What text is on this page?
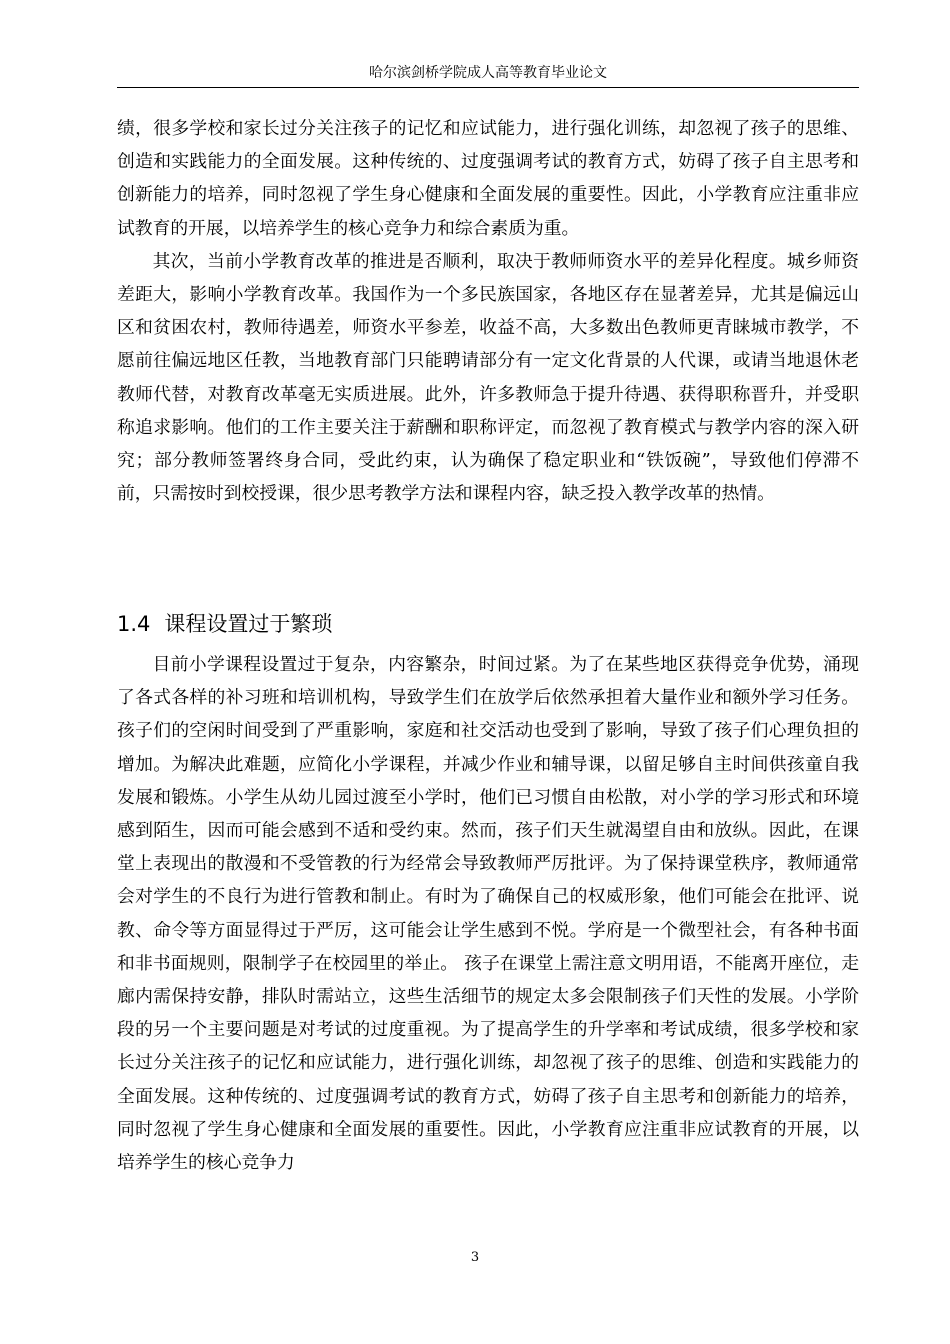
哈尔滨剑桥学院成人高等教育毕业论文

绩，很多学校和家长过分关注孩子的记忆和应试能力，进行强化训练，却忽视了孩子的思维、创造和实践能力的全面发展。这种传统的、过度强调考试的教育方式，妨碍了孩子自主思考和创新能力的培养，同时忽视了学生身心健康和全面发展的重要性。因此，小学教育应注重非应试教育的开展，以培养学生的核心竞争力和综合素质为重。

其次，当前小学教育改革的推进是否顺利，取决于教师师资水平的差异化程度。城乡师资差距大，影响小学教育改革。我国作为一个多民族国家，各地区存在显著差异，尤其是偏远山区和贫困农村，教师待遇差，师资水平参差，收益不高，大多数出色教师更青睐城市教学，不愿前往偏远地区任教，当地教育部门只能聘请部分有一定文化背景的人代课，或请当地退休老教师代替，对教育改革毫无实质进展。此外，许多教师急于提升待遇、获得职称晋升，并受职称追求影响。他们的工作主要关注于薪酬和职称评定，而忽视了教育模式与教学内容的深入研究；部分教师签署终身合同，受此约束，认为确保了稳定职业和“铁饭碗”，导致他们停滞不前，只需按时到校授课，很少思考教学方法和课程内容，缺乏投入教学改革的热情。

1.4 课程设置过于繁琐

目前小学课程设置过于复杂，内容繁杂，时间过紧。为了在某些地区获得竞争优势，涌现了各式各样的补习班和培训机构，导致学生们在放学后依然承担着大量作业和额外学习任务。孩子们的空闲时间受到了严重影响，家庭和社交活动也受到了影响，导致了孩子们心理负担的增加。为解决此难题，应简化小学课程，并减少作业和辅导课，以留足够自主时间供孩童自我发展和锻炼。小学生从幼儿园过渡至小学时，他们已习惯自由松散，对小学的学习形式和环境感到陌生，因而可能会感到不适和受约束。然而，孩子们天生就渴望自由和放纵。因此，在课堂上表现出的散漫和不受管教的行为经常会导致教师严厉批评。为了保持课堂秩序，教师通常会对学生的不良行为进行管教和制止。有时为了确保自己的权威形象，他们可能会在批评、说教、命令等方面显得过于严厉，这可能会让学生感到不悦。学府是一个微型社会，有各种书面和非书面规则，限制学子在校园里的举止。 孩子在课堂上需注意文明用语，不能离开座位，走廊内需保持安静，排队时需站立，这些生活细节的规定太多会限制孩子们天性的发展。小学阶段的另一个主要问题是对考试的过度重视。为了提高学生的升学率和考试成绩，很多学校和家长过分关注孩子的记忆和应试能力，进行强化训练，却忽视了孩子的思维、创造和实践能力的全面发展。这种传统的、过度强调考试的教育方式，妨碍了孩子自主思考和创新能力的培养，同时忽视了学生身心健康和全面发展的重要性。因此，小学教育应注重非应试教育的开展，以培养学生的核心竞争力

3
